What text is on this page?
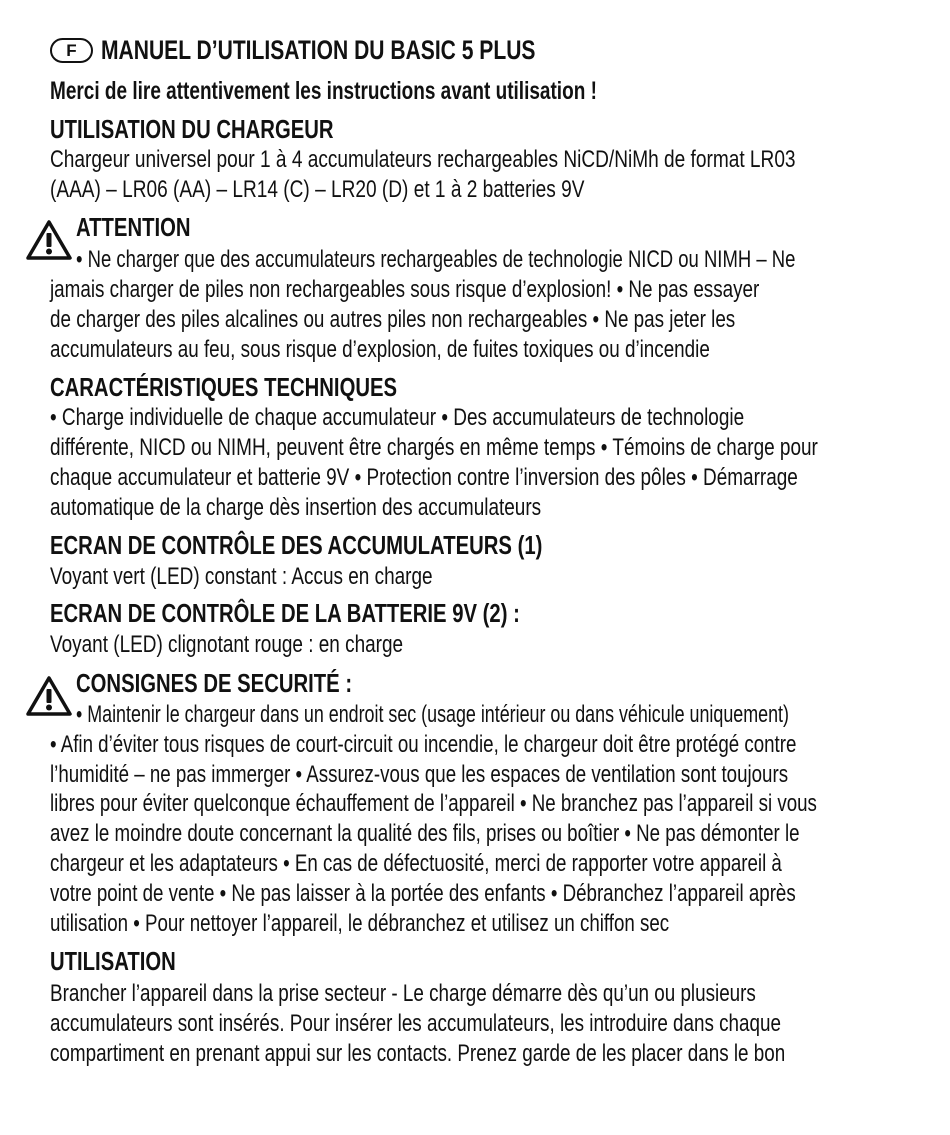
F MANUEL D’UTILISATION DU BASIC 5 PLUS
Merci de lire attentivement les instructions avant utilisation !
UTILISATION DU CHARGEUR
Chargeur universel pour 1 à 4 accumulateurs rechargeables NiCD/NiMh de format LR03
(AAA) – LR06 (AA) – LR14 (C) – LR20 (D) et 1 à 2 batteries 9V
ATTENTION
• Ne charger que des accumulateurs rechargeables de technologie NICD ou NIMH – Ne
jamais charger de piles non rechargeables sous risque d’explosion! • Ne pas essayer
de charger des piles alcalines ou autres piles non rechargeables • Ne pas jeter les
accumulateurs au feu, sous risque d’explosion, de fuites toxiques ou d’incendie
CARACTÉRISTIQUES TECHNIQUES
• Charge individuelle de chaque accumulateur • Des accumulateurs de technologie
différente, NICD ou NIMH, peuvent être chargés en même temps • Témoins de charge pour
chaque accumulateur et batterie 9V • Protection contre l’inversion des pôles • Démarrage
automatique de la charge dès insertion des accumulateurs
ECRAN DE CONTRÔLE DES ACCUMULATEURS (1)
Voyant vert (LED) constant : Accus en charge
ECRAN DE CONTRÔLE DE LA BATTERIE 9V (2) :
Voyant (LED) clignotant rouge : en charge
CONSIGNES DE SECURITÉ :
• Maintenir le chargeur dans un endroit sec (usage intérieur ou dans véhicule uniquement)
• Afin d’éviter tous risques de court-circuit ou incendie, le chargeur doit être protégé contre
l’humidité – ne pas immerger • Assurez-vous que les espaces de ventilation sont toujours
libres pour éviter quelconque échauffement de l’appareil • Ne branchez pas l’appareil si vous
avez le moindre doute concernant la qualité des fils, prises ou boîtier • Ne pas démonter le
chargeur et les adaptateurs • En cas de défectuosité, merci de rapporter votre appareil à
votre point de vente • Ne pas laisser à la portée des enfants • Débranchez l’appareil après
utilisation • Pour nettoyer l’appareil, le débranchez et utilisez un chiffon sec
UTILISATION
Brancher l’appareil dans la prise secteur - Le charge démarre dès qu’un ou plusieurs
accumulateurs sont insérés. Pour insérer les accumulateurs, les introduire dans chaque
compartiment en prenant appui sur les contacts. Prenez garde de les placer dans le bon
